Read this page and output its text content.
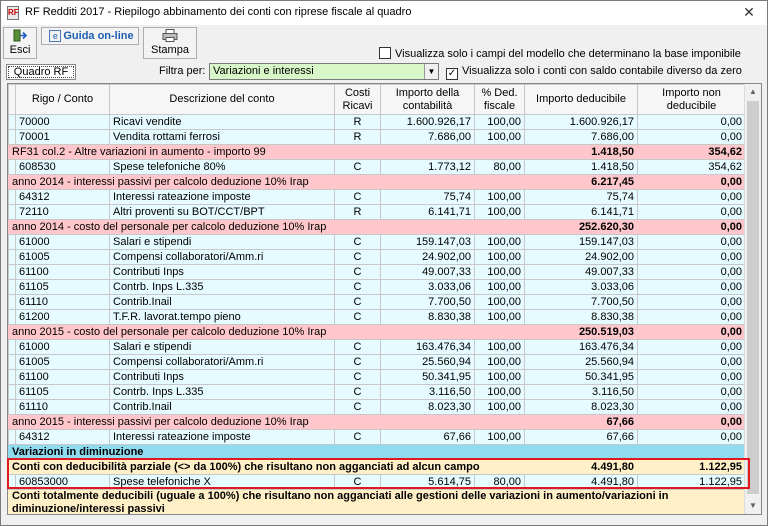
RF RF Redditi 2017 - Riepilogo abbinamento dei conti con riprese fiscale al quadro	✕
Esci
e Guida on-line
Stampa	Visualizza solo i campi del modello che determinano la base imponibile
Quadro RF	Filtra per: Variazioni e interessi	▼ ✓ Visualizza solo i conti con saldo contabile diverso da zero
	Rigo / Conto	Descrizione del conto	Costi Ricavi	Importo della contabilità	% Ded. fiscale	Importo deducibile	Importo non deducibile
	70000	Ricavi vendite	R	1.600.926,17	100,00	1.600.926,17	0,00
	70001	Vendita rottami ferrosi	R	7.686,00	100,00	7.686,00	0,00
RF31 col.2 - Altre variazioni in aumento - importo 99						1.418,50	354,62
	608530	Spese telefoniche 80%	C	1.773,12	80,00	1.418,50	354,62
anno 2014 - interessi passivi per calcolo deduzione 10% Irap						6.217,45	0,00
	64312	Interessi rateazione imposte	C	75,74	100,00	75,74	0,00
	72110	Altri proventi su BOT/CCT/BPT	R	6.141,71	100,00	6.141,71	0,00
anno 2014 - costo del personale per calcolo deduzione 10% Irap						252.620,30	0,00
	61000	Salari e stipendi	C	159.147,03	100,00	159.147,03	0,00
	61005	Compensi collaboratori/Amm.ri	C	24.902,00	100,00	24.902,00	0,00
	61100	Contributi Inps	C	49.007,33	100,00	49.007,33	0,00
	61105	Contrb. Inps L.335	C	3.033,06	100,00	3.033,06	0,00
	61110	Contrib.Inail	C	7.700,50	100,00	7.700,50	0,00
	61200	T.F.R. lavorat.tempo pieno	C	8.830,38	100,00	8.830,38	0,00
anno 2015 - costo del personale per calcolo deduzione 10% Irap						250.519,03	0,00
	61000	Salari e stipendi	C	163.476,34	100,00	163.476,34	0,00
	61005	Compensi collaboratori/Amm.ri	C	25.560,94	100,00	25.560,94	0,00
	61100	Contributi Inps	C	50.341,95	100,00	50.341,95	0,00
	61105	Contrb. Inps L.335	C	3.116,50	100,00	3.116,50	0,00
	61110	Contrib.Inail	C	8.023,30	100,00	8.023,30	0,00
anno 2015 - interessi passivi per calcolo deduzione 10% Irap						67,66	0,00
	64312	Interessi rateazione imposte	C	67,66	100,00	67,66	0,00
Variazioni in diminuzione							
Conti con deducibilità parziale (<> da 100%) che risultano non agganciati ad alcun campo						4.491,80	1.122,95
	60853000	Spese telefoniche X	C	5.614,75	80,00	4.491,80	1.122,95
Conti totalmente deducibili (uguale a 100%) che risultano non agganciati alle gestioni delle variazioni in aumento/variazioni in diminuzione/interessi passivi							
▲
▼
